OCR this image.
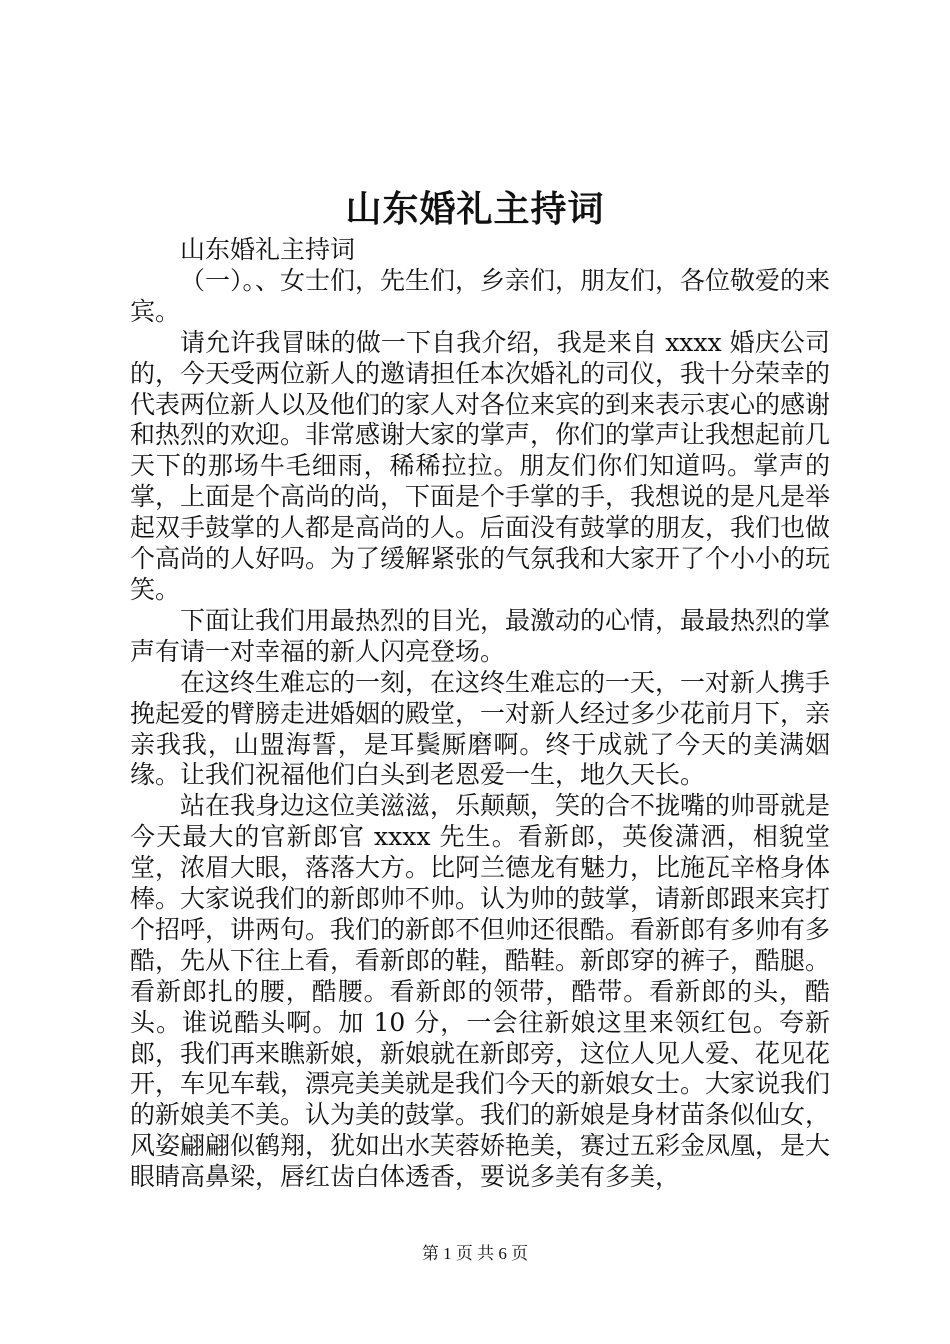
山东婚礼主持词

山东婚礼主持词

（一）。、女士们，先生们，乡亲们，朋友们，各位敬爱的来宾。

请允许我冒昧的做一下自我介绍，我是来自 xxxx 婚庆公司的，今天受两位新人的邀请担任本次婚礼的司仪，我十分荣幸的代表两位新人以及他们的家人对各位来宾的到来表示衷心的感谢和热烈的欢迎。非常感谢大家的掌声，你们的掌声让我想起前几天下的那场牛毛细雨，稀稀拉拉。朋友们你们知道吗。掌声的掌，上面是个高尚的尚，下面是个手掌的手，我想说的是凡是举起双手鼓掌的人都是高尚的人。后面没有鼓掌的朋友，我们也做个高尚的人好吗。为了缓解紧张的气氛我和大家开了个小小的玩笑。

下面让我们用最热烈的目光，最激动的心情，最最热烈的掌声有请一对幸福的新人闪亮登场。

在这终生难忘的一刻，在这终生难忘的一天，一对新人携手挽起爱的臂膀走进婚姻的殿堂，一对新人经过多少花前月下，亲亲我我，山盟海誓，是耳鬓厮磨啊。终于成就了今天的美满姻缘。让我们祝福他们白头到老恩爱一生，地久天长。

站在我身边这位美滋滋，乐颠颠，笑的合不拢嘴的帅哥就是今天最大的官新郎官 xxxx 先生。看新郎，英俊潇洒，相貌堂堂，浓眉大眼，落落大方。比阿兰德龙有魅力，比施瓦辛格身体棒。大家说我们的新郎帅不帅。认为帅的鼓掌，请新郎跟来宾打个招呼，讲两句。我们的新郎不但帅还很酷。看新郎有多帅有多酷，先从下往上看，看新郎的鞋，酷鞋。新郎穿的裤子，酷腿。看新郎扎的腰，酷腰。看新郎的领带，酷带。看新郎的头，酷头。谁说酷头啊。加 10 分，一会往新娘这里来领红包。夸新郎，我们再来瞧新娘，新娘就在新郎旁，这位人见人爱、花见花开，车见车载，漂亮美美就是我们今天的新娘女士。大家说我们的新娘美不美。认为美的鼓掌。我们的新娘是身材苗条似仙女，风姿翩翩似鹤翔，犹如出水芙蓉娇艳美，赛过五彩金凤凰，是大眼睛高鼻梁，唇红齿白体透香，要说多美有多美，

第 1 页 共 6 页
